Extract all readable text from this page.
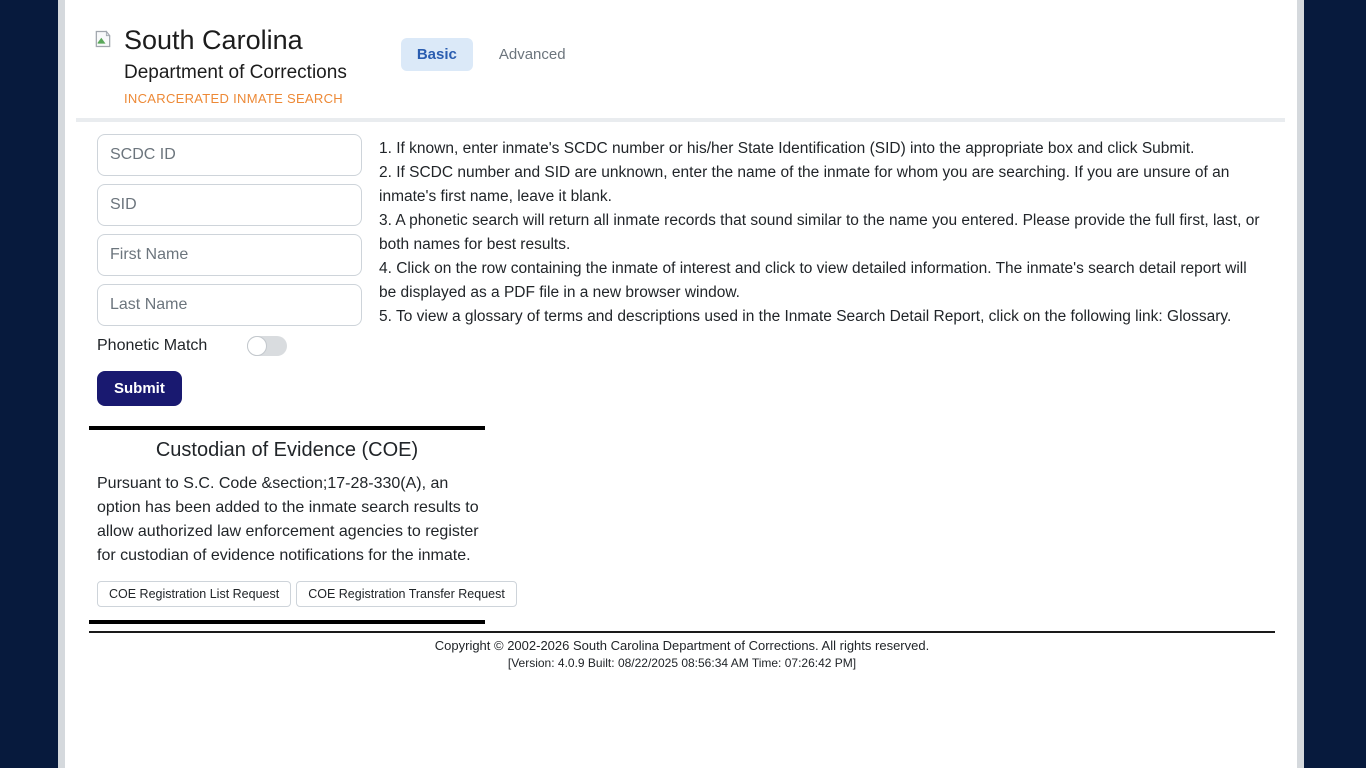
South Carolina
Department of Corrections
INCARCERATED INMATE SEARCH
Basic	Advanced
SCDC ID
SID
First Name
Last Name
Phonetic Match
Submit
1. If known, enter inmate's SCDC number or his/her State Identification (SID) into the appropriate box and click Submit.
2. If SCDC number and SID are unknown, enter the name of the inmate for whom you are searching. If you are unsure of an inmate's first name, leave it blank.
3. A phonetic search will return all inmate records that sound similar to the name you entered. Please provide the full first, last, or both names for best results.
4. Click on the row containing the inmate of interest and click to view detailed information. The inmate's search detail report will be displayed as a PDF file in a new browser window.
5. To view a glossary of terms and descriptions used in the Inmate Search Detail Report, click on the following link: Glossary.
Custodian of Evidence (COE)
Pursuant to S.C. Code &section;17-28-330(A), an option has been added to the inmate search results to allow authorized law enforcement agencies to register for custodian of evidence notifications for the inmate.
COE Registration List Request	COE Registration Transfer Request
Copyright © 2002-2026 South Carolina Department of Corrections. All rights reserved.
[Version: 4.0.9 Built: 08/22/2025 08:56:34 AM Time: 07:26:42 PM]
